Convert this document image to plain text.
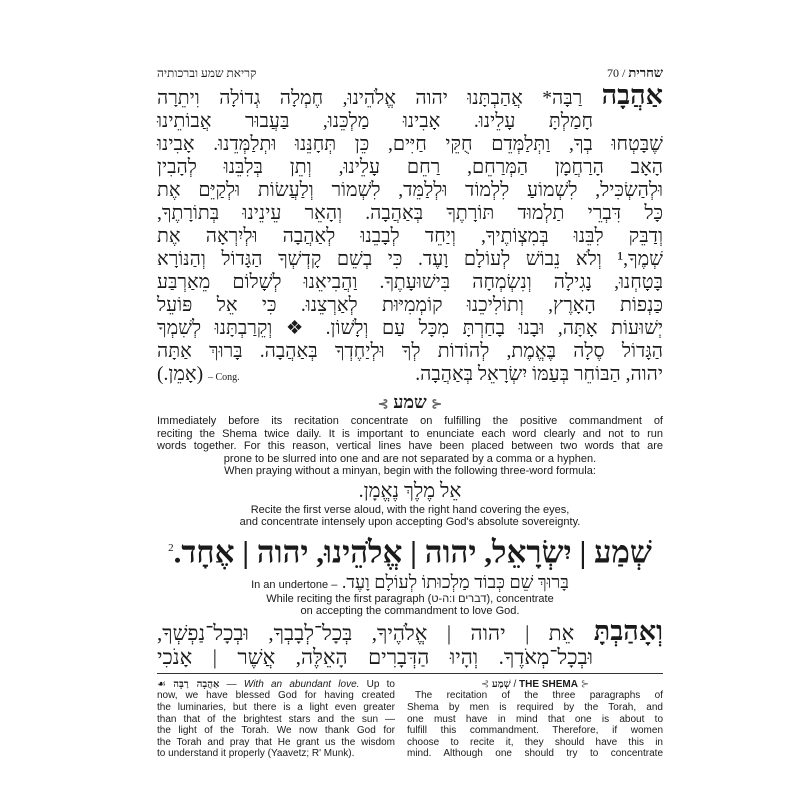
קריאת שמע וברכותיה	שחרית / 70
אַהֲבָה רַבָּה* אֲהַבְתָּנוּ יהוה אֱלֹהֵינוּ, חֶמְלָה גְדוֹלָה וִיתֵרָה
חָמַלְתָּ עָלֵינוּ. אָבִינוּ מַלְכֵּנוּ, בַּעֲבוּר אֲבוֹתֵינוּ
שֶׁבָּטְחוּ בְךָ, וַתְּלַמְּדֵם חֻקֵּי חַיִּים, כֵּן תְּחָנֵּנוּ וּתְלַמְּדֵנוּ. אָבִינוּ
הָאָב הָרַחֲמָן הַמְּרַחֵם, רַחֵם עָלֵינוּ, וְתֵן בְּלִבֵּנוּ לְהָבִין
וּלְהַשְׂכִּיל, לִשְׁמוֹעַ לִלְמוֹד וּלְלַמֵּד, לִשְׁמוֹר וְלַעֲשׂוֹת וּלְקַיֵּם אֶת
כָּל דִּבְרֵי תַלְמוּד תּוֹרָתֶךָ בְּאַהֲבָה. וְהָאֵר עֵינֵינוּ בְּתוֹרָתֶךָ,
וְדַבֵּק לִבֵּנוּ בְּמִצְוֹתֶיךָ, וְיַחֵד לְבָבֵנוּ לְאַהֲבָה וּלְיִרְאָה אֶת
שְׁמֶךָ,¹ וְלֹא נֵבוֹשׁ לְעוֹלָם וָעֶד. כִּי בְשֵׁם קָדְשְׁךָ הַגָּדוֹל וְהַנּוֹרָא
בָּטָחְנוּ, נָגִילָה וְנִשְׂמְחָה בִּישׁוּעָתֶךָ. וַהֲבִיאֵנוּ לְשָׁלוֹם מֵאַרְבַּע
כַּנְפוֹת הָאָרֶץ, וְתוֹלִיכֵנוּ קוֹמְמִיּוּת לְאַרְצֵנוּ. כִּי אֵל פּוֹעֵל
יְשׁוּעוֹת אָתָּה, וּבָנוּ בָחַרְתָּ מִכָּל עַם וְלָשׁוֹן. ❖ וְקֵרַבְתָּנוּ לְשִׁמְךָ
הַגָּדוֹל סֶלָה בֶּאֱמֶת, לְהוֹדוֹת לְךָ וּלְיַחֶדְךָ בְּאַהֲבָה. בָּרוּךְ אַתָּה
יהוה, הַבּוֹחֵר בְּעַמּוֹ יִשְׂרָאֵל בְּאַהֲבָה.
– Cong. (אָמֵן.)
⊰ שמע ⊱
Immediately before its recitation concentrate on fulfilling the positive commandment of
reciting the Shema twice daily. It is important to enunciate each word clearly and not to run
words together. For this reason, vertical lines have been placed between two words that are
prone to be slurred into one and are not separated by a comma or a hyphen.
When praying without a minyan, begin with the following three-word formula:
אֵל מֶלֶךְ נֶאֱמָן.
Recite the first verse aloud, with the right hand covering the eyes,
and concentrate intensely upon accepting God's absolute sovereignty.
שְׁמַע | יִשְׂרָאֵל, יהוה | אֱלֹהֵינוּ, יהוה | אֶחָד.$^2$
In an undertone – בָּרוּךְ שֵׁם כְּבוֹד מַלְכוּתוֹ לְעוֹלָם וָעֶד.
While reciting the first paragraph (דברים ו:ה-ט), concentrate
on accepting the commandment to love God.
וְאָהַבְתָּ אֵת | יהוה | אֱלֹהֶיךָ, בְּכָל־לְבָבְךָ, וּבְכָל־נַפְשְׁךָ,
וּבְכָל־מְאֹדֶךָ. וְהָיוּ הַדְּבָרִים הָאֵלֶּה, אֲשֶׁר | אָנֹכִי
☙ אַהֲבָה רַבָּה — With an abundant love. Up to
now, we have blessed God for having created
the luminaries, but there is a light even greater
than that of the brightest stars and the sun —
the light of the Torah. We now thank God for
the Torah and pray that He grant us the wisdom
to understand it properly (Yaavetz; R' Munk).
⊰ שְׁמַע / THE SHEMA ⊱
The recitation of the three paragraphs of
Shema by men is required by the Torah, and
one must have in mind that one is about to
fulfill this commandment. Therefore, if women
choose to recite it, they should have this in
mind. Although one should try to concentrate
